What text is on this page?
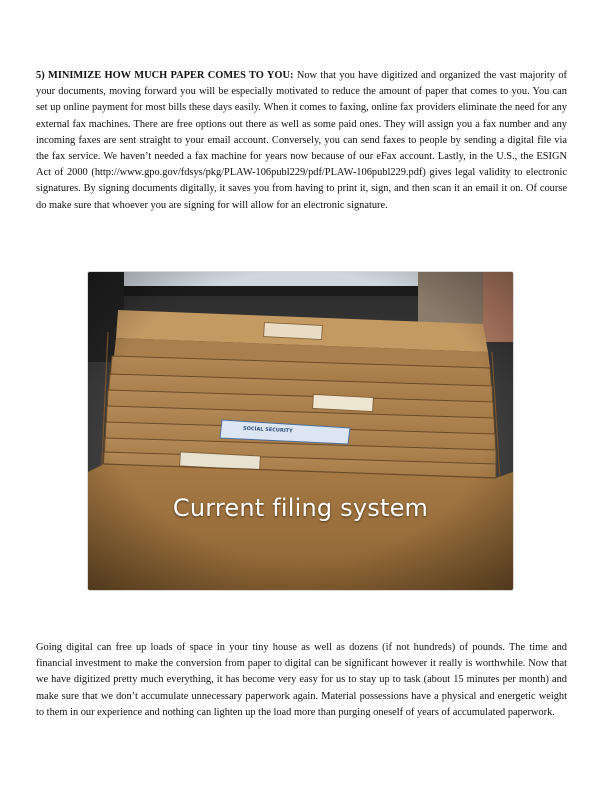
5) MINIMIZE HOW MUCH PAPER COMES TO YOU: Now that you have digitized and organized the vast majority of your documents, moving forward you will be especially motivated to reduce the amount of paper that comes to you. You can set up online payment for most bills these days easily. When it comes to faxing, online fax providers eliminate the need for any external fax machines. There are free options out there as well as some paid ones. They will assign you a fax number and any incoming faxes are sent straight to your email account. Conversely, you can send faxes to people by sending a digital file via the fax service. We haven’t needed a fax machine for years now because of our eFax account. Lastly, in the U.S., the ESIGN Act of 2000 (http://www.gpo.gov/fdsys/pkg/PLAW-106publ229/pdf/PLAW-106publ229.pdf) gives legal validity to electronic signatures. By signing documents digitally, it saves you from having to print it, sign, and then scan it an email it on. Of course do make sure that whoever you are signing for will allow for an electronic signature.

SOCIAL SECURITY
Current filing system

Going digital can free up loads of space in your tiny house as well as dozens (if not hundreds) of pounds. The time and financial investment to make the conversion from paper to digital can be significant however it really is worthwhile. Now that we have digitized pretty much everything, it has become very easy for us to stay up to task (about 15 minutes per month) and make sure that we don’t accumulate unnecessary paperwork again. Material possessions have a physical and energetic weight to them in our experience and nothing can lighten up the load more than purging oneself of years of accumulated paperwork.
